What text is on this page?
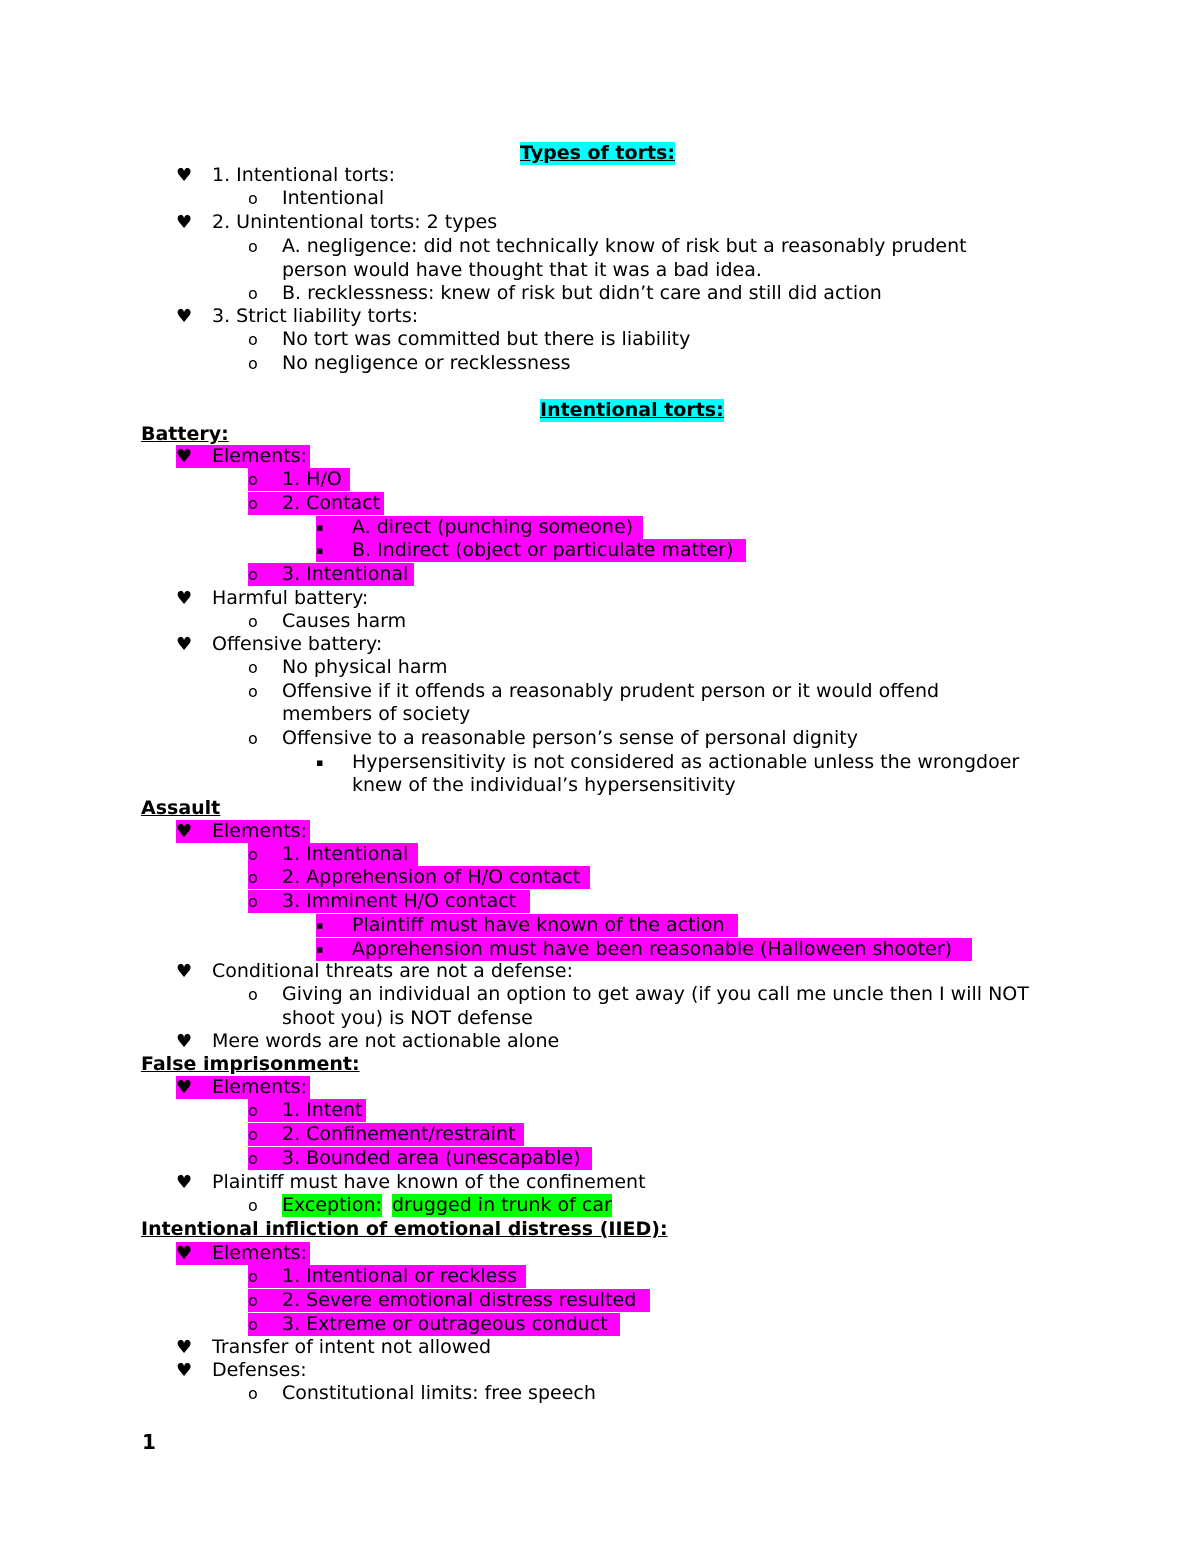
Types of torts:
♥ 1. Intentional torts:
o Intentional
♥ 2. Unintentional torts: 2 types
o A. negligence: did not technically know of risk but a reasonably prudent
person would have thought that it was a bad idea.
o B. recklessness: knew of risk but didn’t care and still did action
♥ 3. Strict liability torts:
o No tort was committed but there is liability
o No negligence or recklessness
Intentional torts:
Battery:
♥ Elements:
o 1. H/O
o 2. Contact
▪ A. direct (punching someone)
▪ B. Indirect (object or particulate matter)
o 3. Intentional
♥ Harmful battery:
o Causes harm
♥ Offensive battery:
o No physical harm
o Offensive if it offends a reasonably prudent person or it would offend
members of society
o Offensive to a reasonable person’s sense of personal dignity
▪ Hypersensitivity is not considered as actionable unless the wrongdoer
knew of the individual’s hypersensitivity
Assault
♥ Elements:
o 1. Intentional
o 2. Apprehension of H/O contact
o 3. Imminent H/O contact
▪ Plaintiff must have known of the action
▪ Apprehension must have been reasonable (Halloween shooter)
♥ Conditional threats are not a defense:
o Giving an individual an option to get away (if you call me uncle then I will NOT
shoot you) is NOT defense
♥ Mere words are not actionable alone
False imprisonment:
♥ Elements:
o 1. Intent
o 2. Confinement/restraint
o 3. Bounded area (unescapable)
♥ Plaintiff must have known of the confinement
o Exception: drugged in trunk of car
Intentional infliction of emotional distress (IIED):
♥ Elements:
o 1. Intentional or reckless
o 2. Severe emotional distress resulted
o 3. Extreme or outrageous conduct
♥ Transfer of intent not allowed
♥ Defenses:
o Constitutional limits: free speech
1
